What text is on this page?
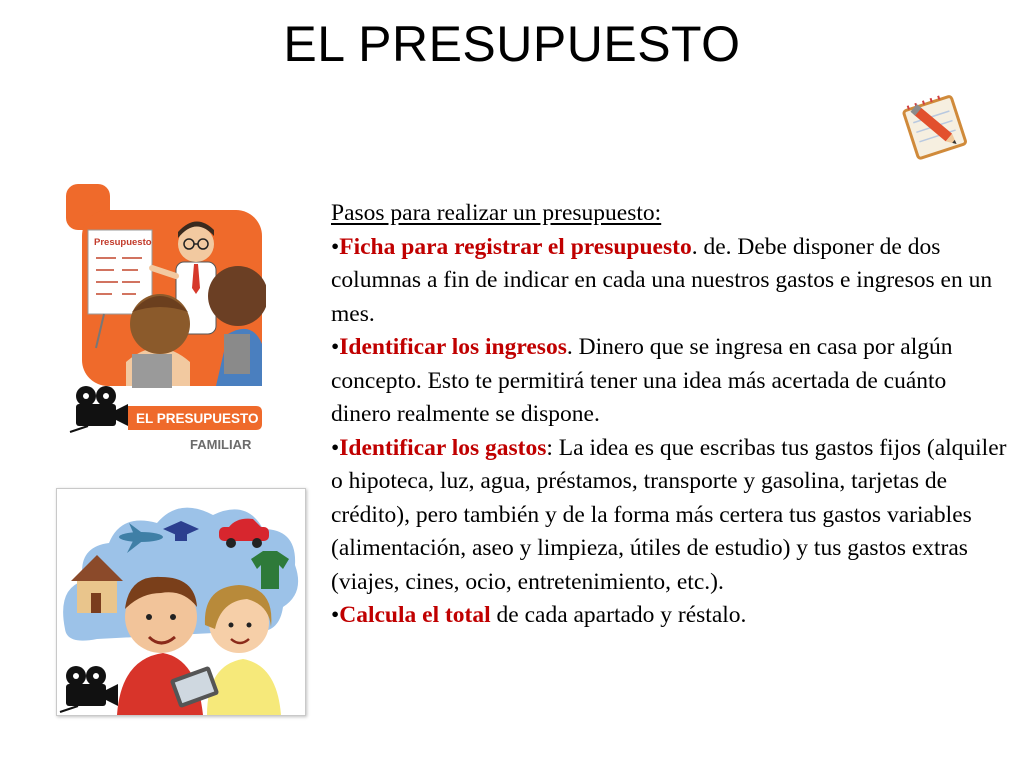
EL PRESUPUESTO
Presupuesto
EL PRESUPUESTO
FAMILIAR

Pasos para realizar un presupuesto:

•Ficha para registrar el presupuesto. de. Debe disponer de dos columnas a fin de indicar en cada una nuestros gastos e ingresos en un mes.

•Identificar los ingresos. Dinero que se ingresa en casa por algún concepto. Esto te permitirá tener una idea más acertada de cuánto dinero realmente se dispone.

•Identificar los gastos: La idea es que escribas tus gastos fijos (alquiler o hipoteca, luz, agua, préstamos, transporte y gasolina, tarjetas de crédito), pero también y de la forma más certera tus gastos variables (alimentación, aseo y limpieza, útiles de estudio) y tus gastos extras (viajes, cines, ocio, entretenimiento, etc.).

•Calcula el total de cada apartado y réstalo.
